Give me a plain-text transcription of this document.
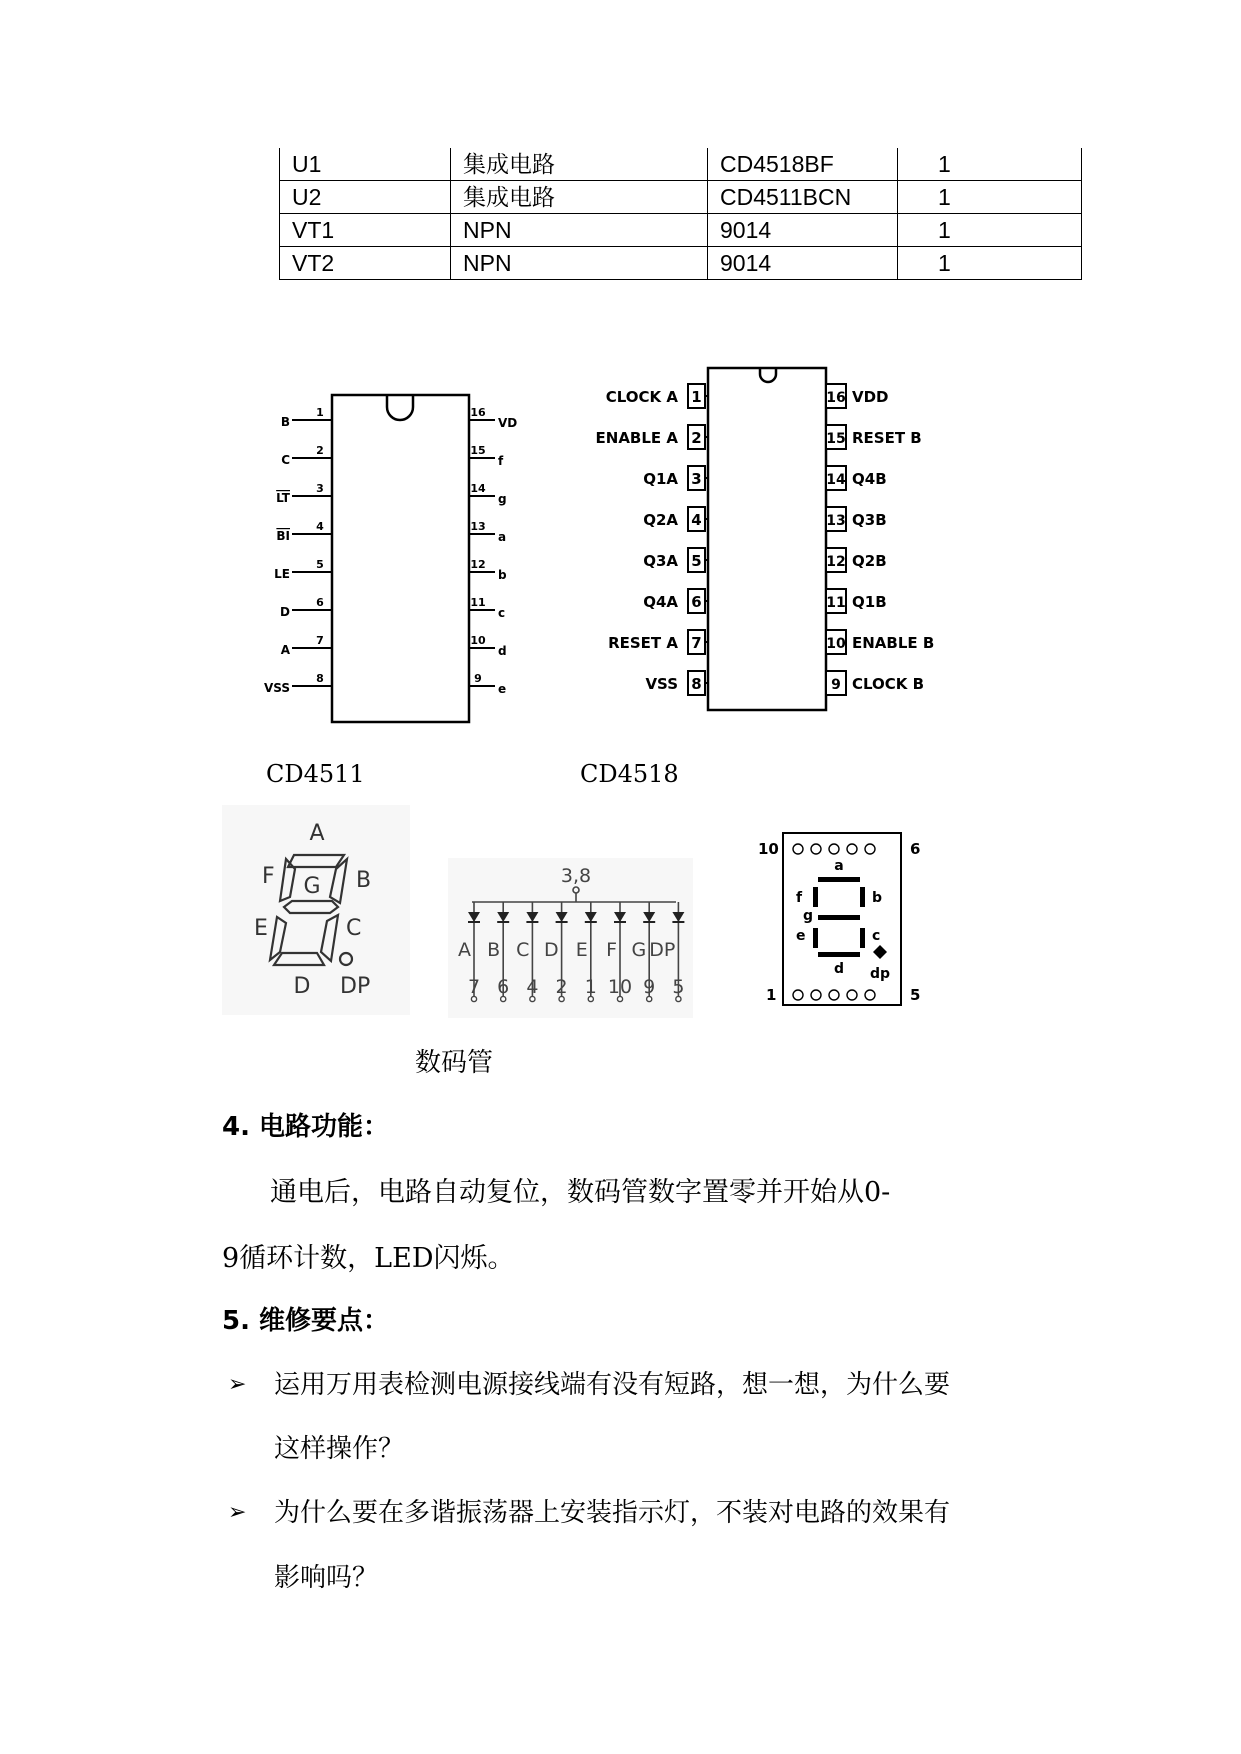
U1	集成电路	CD4518BF	1
U2	集成电路	CD4511BCN	1
VT1	NPN	9014	1
VT2	NPN	9014	1
1
B
2
C
3
LT
4
BI
5
LE
6
D
7
A
8
VSS
16
VD
15
f
14
g
13
a
12
b
11
c
10
d
9
e
CD4511
1
CLOCK A
2
ENABLE A
3
Q1A
4
Q2A
5
Q3A
6
Q4A
7
RESET A
8
VSS
16 VDD
15 RESET B
14 Q4B
13 Q3B
12 Q2B
11 Q1B
10 ENABLE B
9 CLOCK B
CD4518
A
B
C
D
E
F G
DP
3,8
A
7
B
6
C
4
D
2
E
1
F
10
G
9
DP
5
10	6
1	5
a
b
c
d
e
f
g
dp
数码管
4. 电路功能：
通电后，电路自动复位，数码管数字置零并开始从0-
9循环计数，LED闪烁。
5. 维修要点：
➢ 运用万用表检测电源接线端有没有短路，想一想，为什么要
这样操作？
➢ 为什么要在多谐振荡器上安装指示灯，不装对电路的效果有
影响吗？
